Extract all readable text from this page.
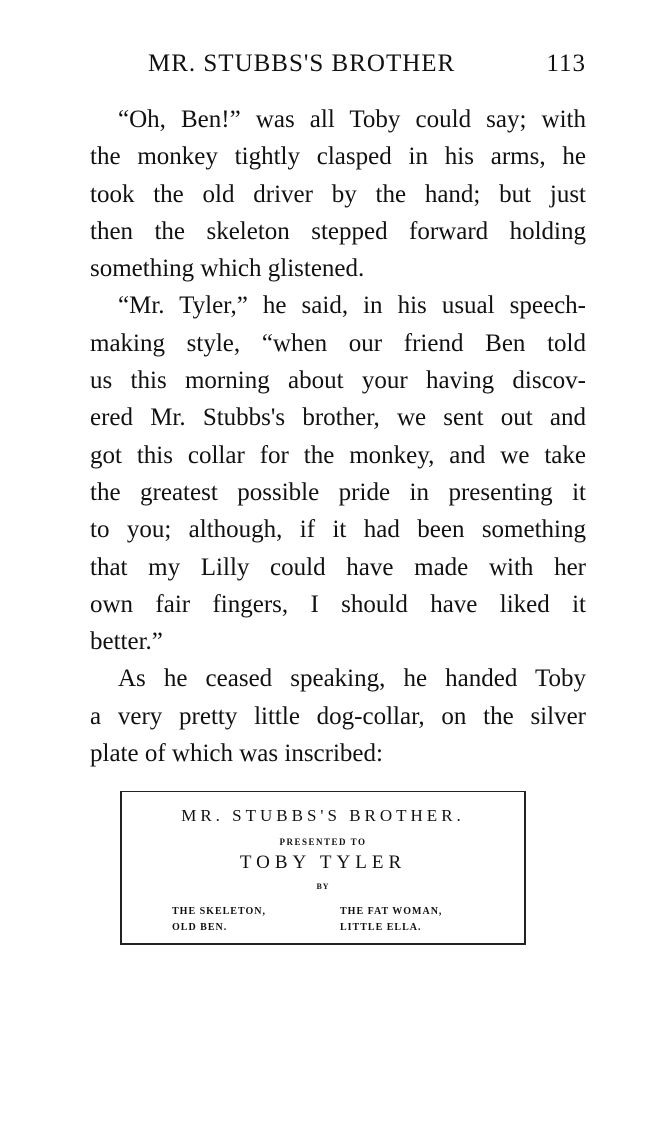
MR. STUBBS'S BROTHER	113
“Oh, Ben!” was all Toby could say; with
the monkey tightly clasped in his arms, he
took the old driver by the hand; but just
then the skeleton stepped forward holding
something which glistened.
“Mr. Tyler,” he said, in his usual speech-
making style, “when our friend Ben told
us this morning about your having discov-
ered Mr. Stubbs's brother, we sent out and
got this collar for the monkey, and we take
the greatest possible pride in presenting it
to you; although, if it had been something
that my Lilly could have made with her
own fair fingers, I should have liked it
better.”
As he ceased speaking, he handed Toby
a very pretty little dog-collar, on the silver
plate of which was inscribed:
MR. STUBBS'S BROTHER.
PRESENTED TO
TOBY TYLER
BY
THE SKELETON,
OLD BEN.
THE FAT WOMAN,
LITTLE ELLA.
